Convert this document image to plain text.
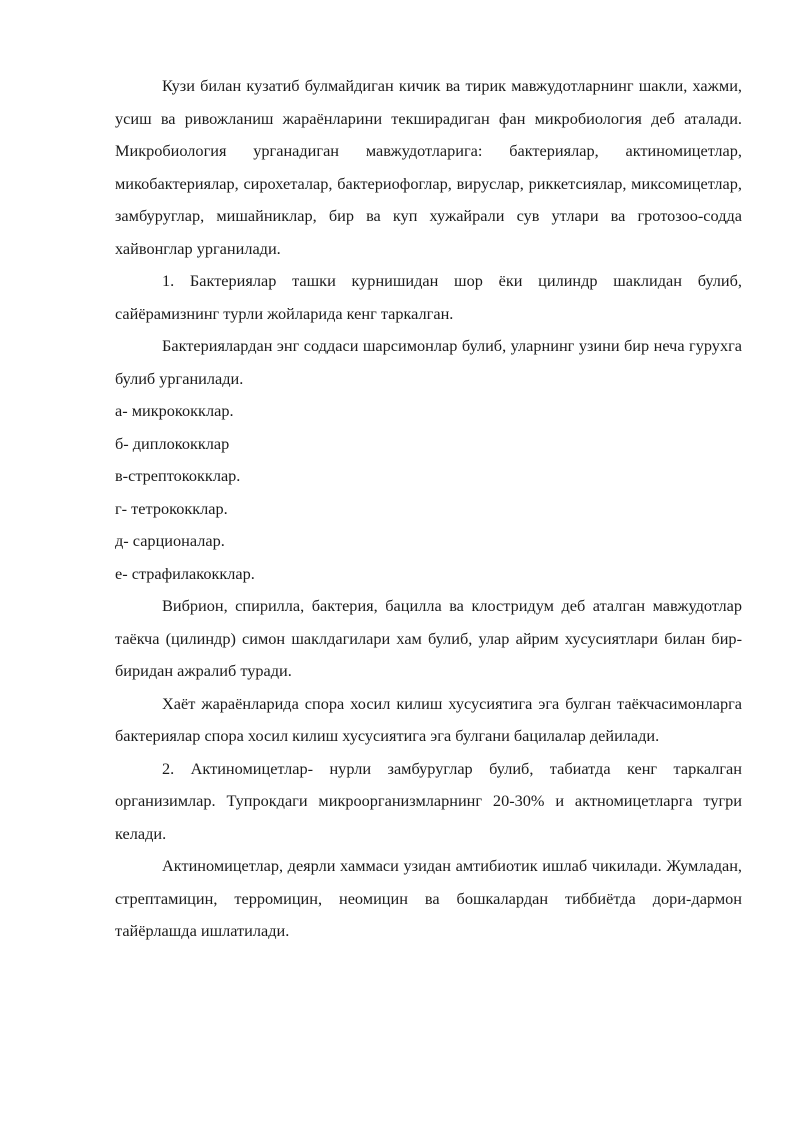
Кузи билан кузатиб булмайдиган кичик ва тирик мавжудотларнинг шакли, хажми, усиш ва ривожланиш жараёнларини текширадиган фан микробиология деб аталади. Микробиология урганадиган мавжудотларига: бактериялар, актиномицетлар, микобактериялар, сирохеталар, бактериофоглар, вируслар, риккетсиялар, миксомицетлар, замбуруглар, мишайниклар, бир ва куп хужайрали сув утлари ва гротозоо-содда хайвонглар урганилади.

1. Бактериялар ташки курнишидан шор ёки цилиндр шаклидан булиб, сайёрамизнинг турли жойларида кенг таркалган.

Бактериялардан энг соддаси шарсимонлар булиб, уларнинг узини бир неча гурухга булиб урганилади.

а- микрококклар.

б- диплококклар

в-стрептококклар.

г- тетрококклар.

д- сарционалар.

е- страфилакокклар.

Вибрион, спирилла, бактерия, бацилла ва клостридум деб аталган мавжудотлар таёкча (цилиндр) симон шаклдагилари хам булиб, улар айрим хусусиятлари билан бир-биридан ажралиб туради.

Хаёт жараёнларида спора хосил килиш хусусиятига эга булган таёкчасимонларга бактериялар спора хосил килиш хусусиятига эга булгани бацилалар дейилади.

2. Актиномицетлар- нурли замбуруглар булиб, табиатда кенг таркалган организимлар. Тупрокдаги микроорганизмларнинг 20-30% и актномицетларга тугри келади.

Актиномицетлар, деярли хаммаси узидан амтибиотик ишлаб чикилади. Жумладан, стрептамицин, терромицин, неомицин ва бошкалардан тиббиётда дори-дармон тайёрлашда ишлатилади.
